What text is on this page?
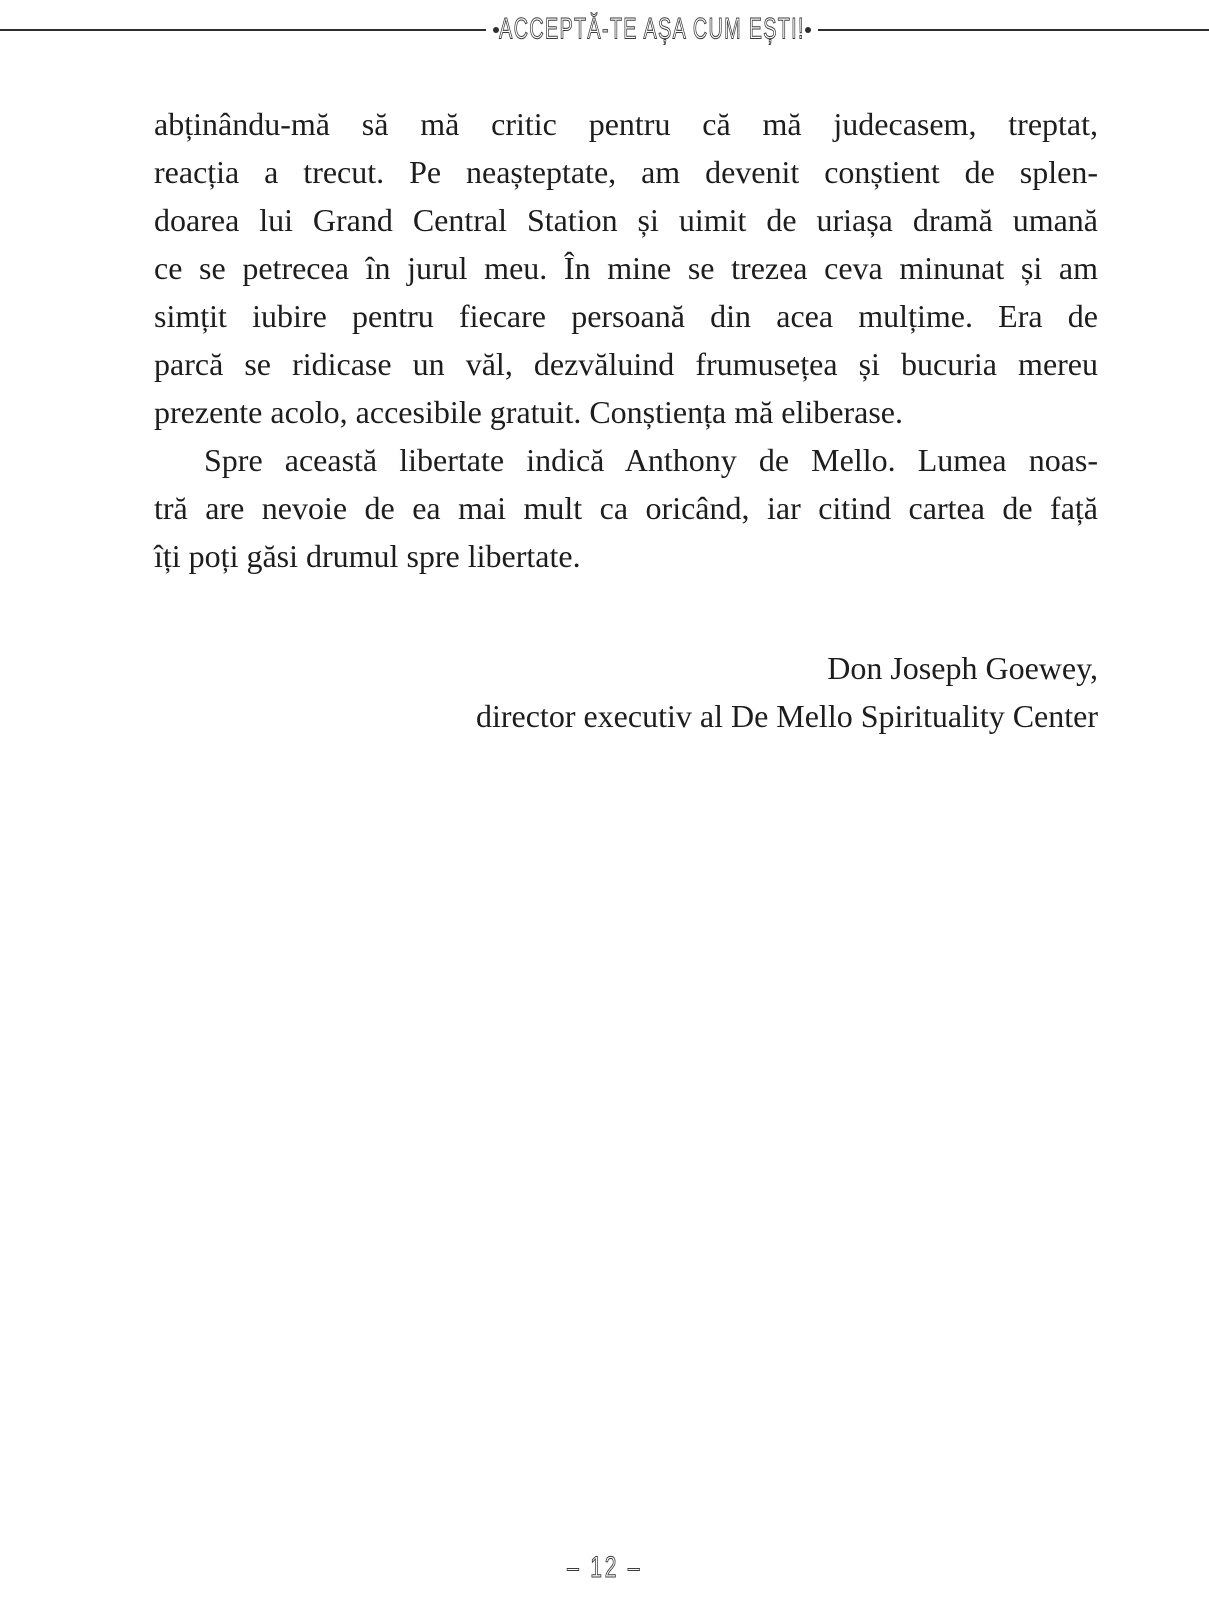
ACCEPTĂ-TE AȘA CUM EȘTI!
abținându-mă să mă critic pentru că mă judecasem, treptat,
reacția a trecut. Pe neașteptate, am devenit conștient de splen-
doarea lui Grand Central Station și uimit de uriașa dramă umană
ce se petrecea în jurul meu. În mine se trezea ceva minunat și am
simțit iubire pentru fiecare persoană din acea mulțime. Era de
parcă se ridicase un văl, dezvăluind frumusețea și bucuria mereu
prezente acolo, accesibile gratuit. Conștiența mă eliberase.
Spre această libertate indică Anthony de Mello. Lumea noas-
tră are nevoie de ea mai mult ca oricând, iar citind cartea de față
îți poți găsi drumul spre libertate.
Don Joseph Goewey,
director executiv al De Mello Spirituality Center
– 12 –
